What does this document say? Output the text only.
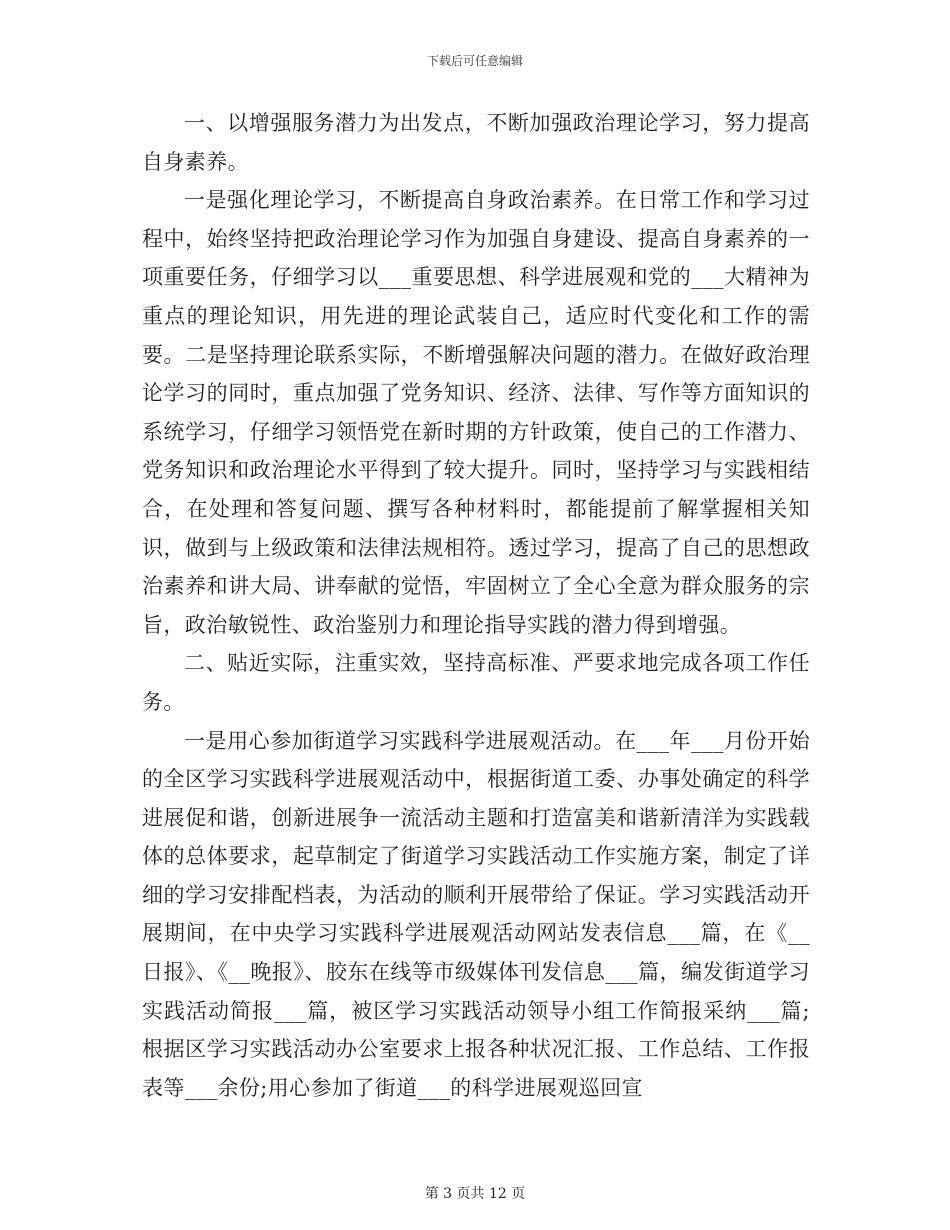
下载后可任意编辑

一、以增强服务潜力为出发点，不断加强政治理论学习，努力提高自身素养。

一是强化理论学习，不断提高自身政治素养。在日常工作和学习过程中，始终坚持把政治理论学习作为加强自身建设、提高自身素养的一项重要任务，仔细学习以___重要思想、科学进展观和党的___大精神为重点的理论知识，用先进的理论武装自己，适应时代变化和工作的需要。二是坚持理论联系实际，不断增强解决问题的潜力。在做好政治理论学习的同时，重点加强了党务知识、经济、法律、写作等方面知识的系统学习，仔细学习领悟党在新时期的方针政策，使自己的工作潜力、党务知识和政治理论水平得到了较大提升。同时，坚持学习与实践相结合，在处理和答复问题、撰写各种材料时，都能提前了解掌握相关知识，做到与上级政策和法律法规相符。透过学习，提高了自己的思想政治素养和讲大局、讲奉献的觉悟，牢固树立了全心全意为群众服务的宗旨，政治敏锐性、政治鉴别力和理论指导实践的潜力得到增强。

二、贴近实际，注重实效，坚持高标准、严要求地完成各项工作任务。

一是用心参加街道学习实践科学进展观活动。在___年___月份开始的全区学习实践科学进展观活动中，根据街道工委、办事处确定的科学进展促和谐，创新进展争一流活动主题和打造富美和谐新清洋为实践载体的总体要求，起草制定了街道学习实践活动工作实施方案，制定了详细的学习安排配档表，为活动的顺利开展带给了保证。学习实践活动开展期间，在中央学习实践科学进展观活动网站发表信息___篇，在《__日报》、《__晚报》、胶东在线等市级媒体刊发信息___篇，编发街道学习实践活动简报___篇，被区学习实践活动领导小组工作简报采纳___篇;根据区学习实践活动办公室要求上报各种状况汇报、工作总结、工作报表等___余份;用心参加了街道___的科学进展观巡回宣

第 3 页共 12 页
